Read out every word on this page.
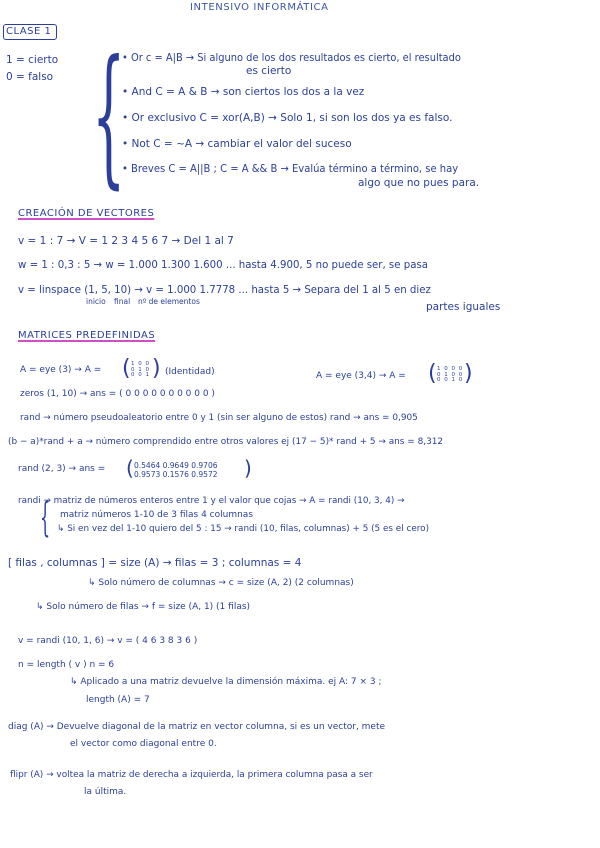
INTENSIVO INFORMÁTICA
CLASE 1
1 = cierto
0 = falso {
• Or c = A|B → Si alguno de los dos resultados es cierto, el resultado
es cierto
• And C = A & B → son ciertos los dos a la vez
• Or exclusivo C = xor(A,B) → Solo 1, si son los dos ya es falso.
• Not C = ~A → cambiar el valor del suceso
• Breves C = A||B ; C = A && B → Evalúa término a término, se hay
algo que no pues para.
CREACIÓN DE VECTORES
v = 1 : 7 → V = 1 2 3 4 5 6 7 → Del 1 al 7
w = 1 : 0,3 : 5 → w = 1.000 1.300 1.600 ... hasta 4.900, 5 no puede ser, se pasa
v = linspace (1, 5, 10) → v = 1.000 1.7778 ... hasta 5 → Separa del 1 al 5 en diez
inicio final nº de elementos	partes iguales
MATRICES PREDEFINIDAS
A = eye (3) → A = ( 1 0 0
0 1 0
0 0 1 ) (Identidad)	A = eye (3,4) → A = ( 1 0 0 0
0 1 0 0
0 0 1 0 )
zeros (1, 10) → ans = ( 0 0 0 0 0 0 0 0 0 0 )
rand → número pseudoaleatorio entre 0 y 1 (sin ser alguno de estos) rand → ans = 0,905
(b − a)*rand + a → número comprendido entre otros valores ej (17 − 5)* rand + 5 → ans = 8,312
rand (2, 3) → ans = ( 0.5464 0.9649 0.9706
0.9573 0.1576 0.9572 )
randi → matriz de números enteros entre 1 y el valor que cojas → A = randi (10, 3, 4) →
{ matriz números 1-10 de 3 filas 4 columnas
↳ Si en vez del 1-10 quiero del 5 : 15 → randi (10, filas, columnas) + 5 (5 es el cero)
[ filas , columnas ] = size (A) → filas = 3 ; columnas = 4
↳ Solo número de columnas → c = size (A, 2) (2 columnas)
↳ Solo número de filas → f = size (A, 1) (1 filas)
v = randi (10, 1, 6) → v = ( 4 6 3 8 3 6 )
n = length ( v ) n = 6
↳ Aplicado a una matriz devuelve la dimensión máxima. ej A: 7 × 3 ;
length (A) = 7
diag (A) → Devuelve diagonal de la matriz en vector columna, si es un vector, mete
el vector como diagonal entre 0.
flipr (A) → voltea la matriz de derecha a izquierda, la primera columna pasa a ser
la última.
